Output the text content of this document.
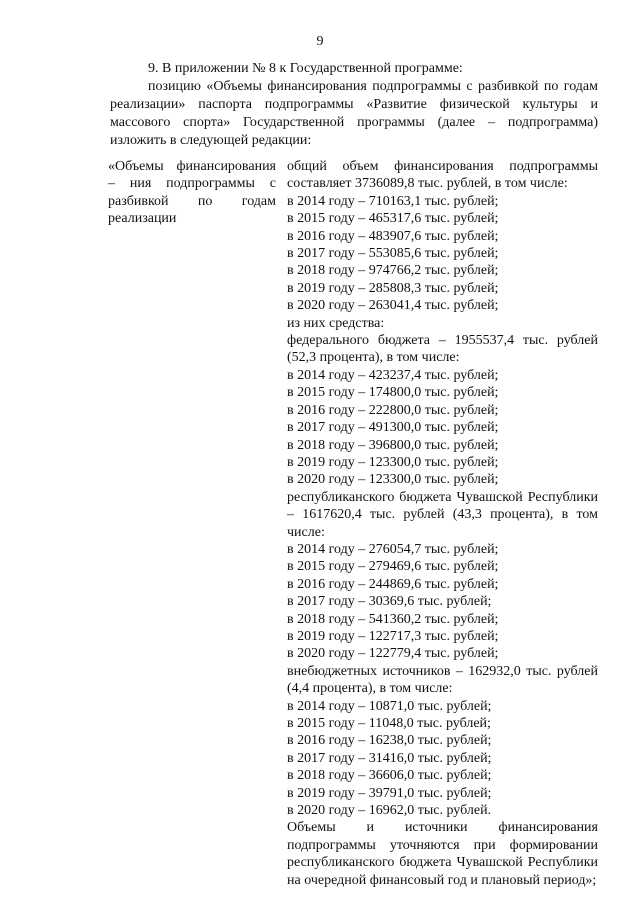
9

9. В приложении № 8 к Государственной программе:

позицию «Объемы финансирования подпрограммы с разбивкой по годам реализации» паспорта подпрограммы «Развитие физической культуры и массового спорта» Государственной программы (далее – подпрограмма) изложить в следующей редакции:

«Объемы финансирования – ния подпрограммы с разбивкой по годам реализации
общий объем финансирования подпрограммы составляет 3736089,8 тыс. рублей, в том числе:
в 2014 году – 710163,1 тыс. рублей;
в 2015 году – 465317,6 тыс. рублей;
в 2016 году – 483907,6 тыс. рублей;
в 2017 году – 553085,6 тыс. рублей;
в 2018 году – 974766,2 тыс. рублей;
в 2019 году – 285808,3 тыс. рублей;
в 2020 году – 263041,4 тыс. рублей;
из них средства:
федерального бюджета – 1955537,4 тыс. рублей (52,3 процента), в том числе:
в 2014 году – 423237,4 тыс. рублей;
в 2015 году – 174800,0 тыс. рублей;
в 2016 году – 222800,0 тыс. рублей;
в 2017 году – 491300,0 тыс. рублей;
в 2018 году – 396800,0 тыс. рублей;
в 2019 году – 123300,0 тыс. рублей;
в 2020 году – 123300,0 тыс. рублей;
республиканского бюджета Чувашской Республики – 1617620,4 тыс. рублей (43,3 процента), в том числе:
в 2014 году – 276054,7 тыс. рублей;
в 2015 году – 279469,6 тыс. рублей;
в 2016 году – 244869,6 тыс. рублей;
в 2017 году – 30369,6 тыс. рублей;
в 2018 году – 541360,2 тыс. рублей;
в 2019 году – 122717,3 тыс. рублей;
в 2020 году – 122779,4 тыс. рублей;
внебюджетных источников – 162932,0 тыс. рублей (4,4 процента), в том числе:
в 2014 году – 10871,0 тыс. рублей;
в 2015 году – 11048,0 тыс. рублей;
в 2016 году – 16238,0 тыс. рублей;
в 2017 году – 31416,0 тыс. рублей;
в 2018 году – 36606,0 тыс. рублей;
в 2019 году – 39791,0 тыс. рублей;
в 2020 году – 16962,0 тыс. рублей.
Объемы и источники финансирования подпрограммы уточняются при формировании республиканского бюджета Чувашской Республики на очередной финансовый год и плановый период»;
